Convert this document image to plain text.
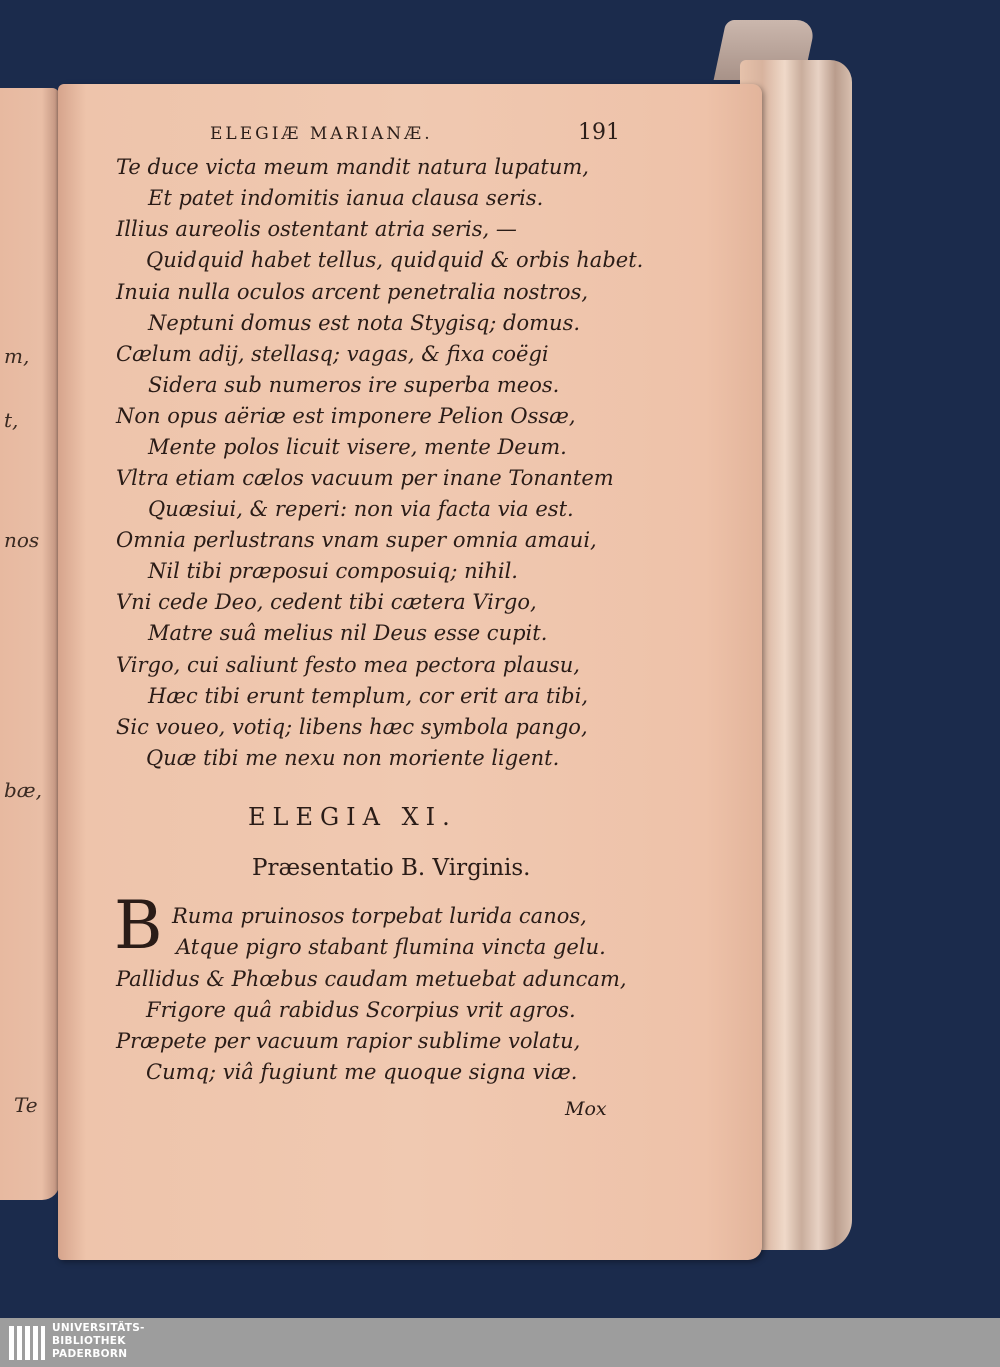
m,
t,
nos
bæ,
Te
ELEGIÆ MARIANÆ.	191
Te duce victa meum mandit natura lupatum,
Et patet indomitis ianua clausa seris.
Illius aureolis ostentant atria seris, —
Quidquid habet tellus, quidquid & orbis habet.
Inuia nulla oculos arcent penetralia nostros,
Neptuni domus est nota Stygisq; domus.
Cælum adij, stellasq; vagas, & fixa coëgi
Sidera sub numeros ire superba meos.
Non opus aëriæ est imponere Pelion Ossæ,
Mente polos licuit visere, mente Deum.
Vltra etiam cælos vacuum per inane Tonantem
Quæsiui, & reperi: non via facta via est.
Omnia perlustrans vnam super omnia amaui,
Nil tibi præposui composuiq; nihil.
Vni cede Deo, cedent tibi cætera Virgo,
Matre suâ melius nil Deus esse cupit.
Virgo, cui saliunt festo mea pectora plausu,
Hæc tibi erunt templum, cor erit ara tibi,
Sic voueo, votiq; libens hæc symbola pango,
Quæ tibi me nexu non moriente ligent.
ELEGIA XI.
Præsentatio B. Virginis.
B Ruma pruinosos torpebat lurida canos,
Atque pigro stabant flumina vincta gelu.
Pallidus & Phœbus caudam metuebat aduncam,
Frigore quâ rabidus Scorpius vrit agros.
Præpete per vacuum rapior sublime volatu,
Cumq; viâ fugiunt me quoque signa viæ.
Mox
UNIVERSITÄTS-
BIBLIOTHEK
PADERBORN
